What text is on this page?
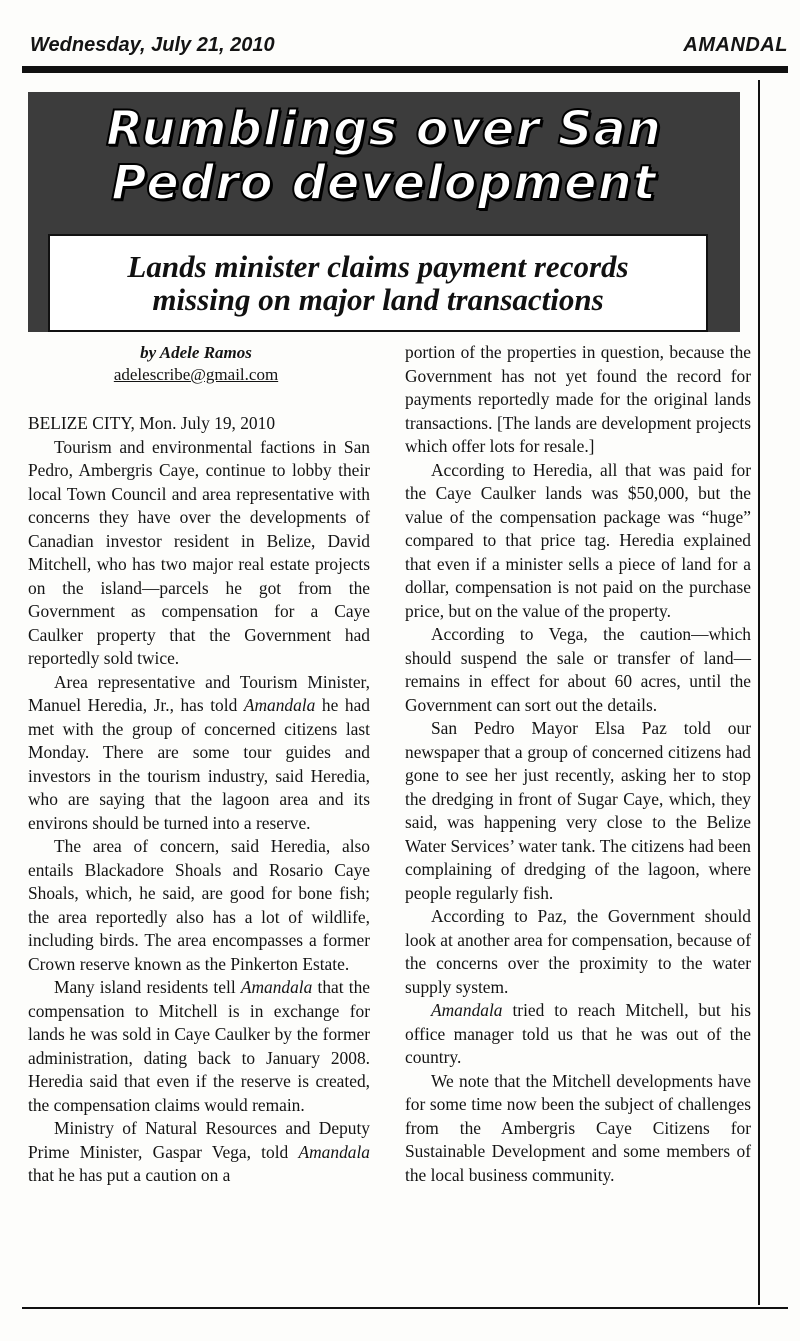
Wednesday, July 21, 2010	AMANDAL
Rumblings over San
Pedro development
Lands minister claims payment records
missing on major land transactions
by Adele Ramos
adelescribe@gmail.com

BELIZE CITY, Mon. July 19, 2010

Tourism and environmental factions in San Pedro, Ambergris Caye, continue to lobby their local Town Council and area representative with concerns they have over the developments of Canadian investor resident in Belize, David Mitchell, who has two major real estate projects on the island—parcels he got from the Government as compensation for a Caye Caulker property that the Government had reportedly sold twice.

Area representative and Tourism Minister, Manuel Heredia, Jr., has told Amandala he had met with the group of concerned citizens last Monday. There are some tour guides and investors in the tourism industry, said Heredia, who are saying that the lagoon area and its environs should be turned into a reserve.

The area of concern, said Heredia, also entails Blackadore Shoals and Rosario Caye Shoals, which, he said, are good for bone fish; the area reportedly also has a lot of wildlife, including birds. The area encompasses a former Crown reserve known as the Pinkerton Estate.

Many island residents tell Amandala that the compensation to Mitchell is in exchange for lands he was sold in Caye Caulker by the former administration, dating back to January 2008. Heredia said that even if the reserve is created, the compensation claims would remain.

Ministry of Natural Resources and Deputy Prime Minister, Gaspar Vega, told Amandala that he has put a caution on a

portion of the properties in question, because the Government has not yet found the record for payments reportedly made for the original lands transactions. [The lands are development projects which offer lots for resale.]

According to Heredia, all that was paid for the Caye Caulker lands was $50,000, but the value of the compensation package was “huge” compared to that price tag. Heredia explained that even if a minister sells a piece of land for a dollar, compensation is not paid on the purchase price, but on the value of the property.

According to Vega, the caution—which should suspend the sale or transfer of land—remains in effect for about 60 acres, until the Government can sort out the details.

San Pedro Mayor Elsa Paz told our newspaper that a group of concerned citizens had gone to see her just recently, asking her to stop the dredging in front of Sugar Caye, which, they said, was happening very close to the Belize Water Services’ water tank. The citizens had been complaining of dredging of the lagoon, where people regularly fish.

According to Paz, the Government should look at another area for compensation, because of the concerns over the proximity to the water supply system.

Amandala tried to reach Mitchell, but his office manager told us that he was out of the country.

We note that the Mitchell developments have for some time now been the subject of challenges from the Ambergris Caye Citizens for Sustainable Development and some members of the local business community.
